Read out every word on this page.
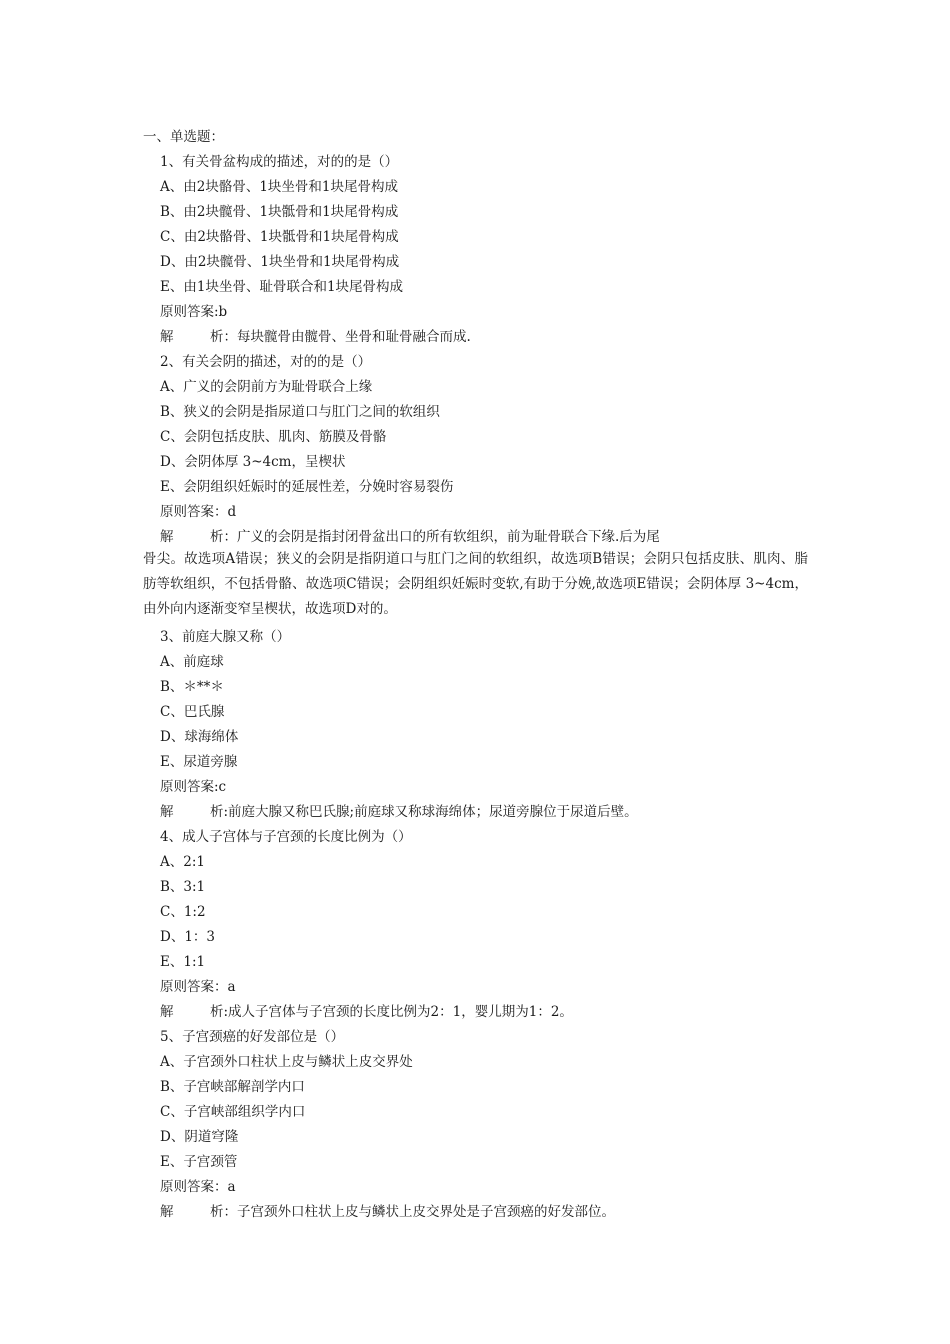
一、单选题：
1、有关骨盆构成的描述，对的的是（）
A、由2块骼骨、1块坐骨和1块尾骨构成
B、由2块髋骨、1块骶骨和1块尾骨构成
C、由2块骼骨、1块骶骨和1块尾骨构成
D、由2块髋骨、1块坐骨和1块尾骨构成
E、由1块坐骨、耻骨联合和1块尾骨构成
原则答案:b
解	析：每块髋骨由髋骨、坐骨和耻骨融合而成.
2、有关会阴的描述，对的的是（）
A、广义的会阴前方为耻骨联合上缘
B、狭义的会阴是指尿道口与肛门之间的软组织
C、会阴包括皮肤、肌肉、筋膜及骨骼
D、会阴体厚 3~4cm，呈楔状
E、会阴组织妊娠时的延展性差，分娩时容易裂伤
原则答案：d
解	析：广义的会阴是指封闭骨盆出口的所有软组织，前为耻骨联合下缘.后为尾
骨尖。故选项A错误；狭义的会阴是指阴道口与肛门之间的软组织，故选项B错误；会阴只包括皮肤、肌肉、脂肪等软组织，不包括骨骼、故选项C错误；会阴组织妊娠时变软,有助于分娩,故选项E错误；会阴体厚 3~4cm，由外向内逐渐变窄呈楔状，故选项D对的。
3、前庭大腺又称（）
A、前庭球
B、＊**＊
C、巴氏腺
D、球海绵体
E、尿道旁腺
原则答案:c
解	析:前庭大腺又称巴氏腺;前庭球又称球海绵体；尿道旁腺位于尿道后壁。
4、成人子宫体与子宫颈的长度比例为（）
A、2:1
B、3:1
C、1:2
D、1：3
E、1:1
原则答案：a
解	析:成人子宫体与子宫颈的长度比例为2：1，婴儿期为1：2。
5、子宫颈癌的好发部位是（）
A、子宫颈外口柱状上皮与鳞状上皮交界处
B、子宫峡部解剖学内口
C、子宫峡部组织学内口
D、阴道穹隆
E、子宫颈管
原则答案：a
解	析：子宫颈外口柱状上皮与鳞状上皮交界处是子宫颈癌的好发部位。
